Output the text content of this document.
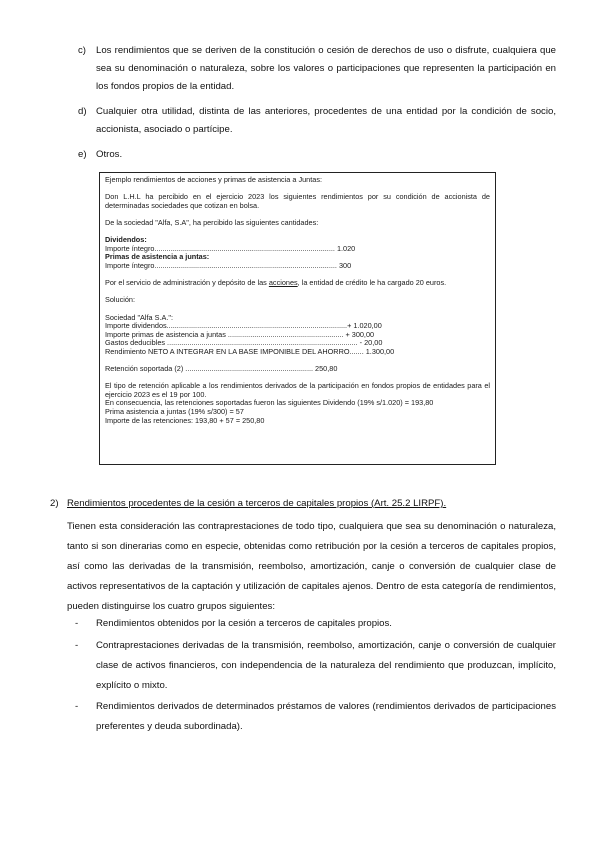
c) Los rendimientos que se deriven de la constitución o cesión de derechos de uso o disfrute, cualquiera que sea su denominación o naturaleza, sobre los valores o participaciones que representen la participación en los fondos propios de la entidad.

d) Cualquier otra utilidad, distinta de las anteriores, procedentes de una entidad por la condición de socio, accionista, asociado o partícipe.

e) Otros.

Ejemplo rendimientos de acciones y primas de asistencia a Juntas:
Don L.H.L ha percibido en el ejercicio 2023 los siguientes rendimientos por su condición de accionista de determinadas sociedades que cotizan en bolsa.
De la sociedad "Alfa, S.A", ha percibido las siguientes cantidades:
Dividendos:
Importe íntegro......................................................................................... 1.020
Primas de asistencia a juntas:
Importe íntegro.......................................................................................... 300
Por el servicio de administración y depósito de las acciones, la entidad de crédito le ha cargado 20 euros.
Solución:
Sociedad "Alfa S.A.":
Importe dividendos.........................................................................................+ 1.020,00
Importe primas de asistencia a juntas ......................................................... + 300,00
Gastos deducibles .............................................................................................. - 20,00
Rendimiento NETO A INTEGRAR EN LA BASE IMPONIBLE DEL AHORRO....... 1.300,00
Retención soportada (2) ............................................................... 250,80
El tipo de retención aplicable a los rendimientos derivados de la participación en fondos propios de entidades para el ejercicio 2023 es el 19 por 100.
En consecuencia, las retenciones soportadas fueron las siguientes Dividendo (19% s/1.020) = 193,80
Prima asistencia a juntas (19% s/300) = 57
Importe de las retenciones: 193,80 + 57 = 250,80
2) Rendimientos procedentes de la cesión a terceros de capitales propios (Art. 25.2 LIRPF).
Tienen esta consideración las contraprestaciones de todo tipo, cualquiera que sea su denominación o naturaleza, tanto si son dinerarias como en especie, obtenidas como retribución por la cesión a terceros de capitales propios, así como las derivadas de la transmisión, reembolso, amortización, canje o conversión de cualquier clase de activos representativos de la captación y utilización de capitales ajenos. Dentro de esta categoría de rendimientos, pueden distinguirse los cuatro grupos siguientes:
- Rendimientos obtenidos por la cesión a terceros de capitales propios.
- Contraprestaciones derivadas de la transmisión, reembolso, amortización, canje o conversión de cualquier clase de activos financieros, con independencia de la naturaleza del rendimiento que produzcan, implícito, explícito o mixto.
- Rendimientos derivados de determinados préstamos de valores (rendimientos derivados de participaciones preferentes y deuda subordinada).
